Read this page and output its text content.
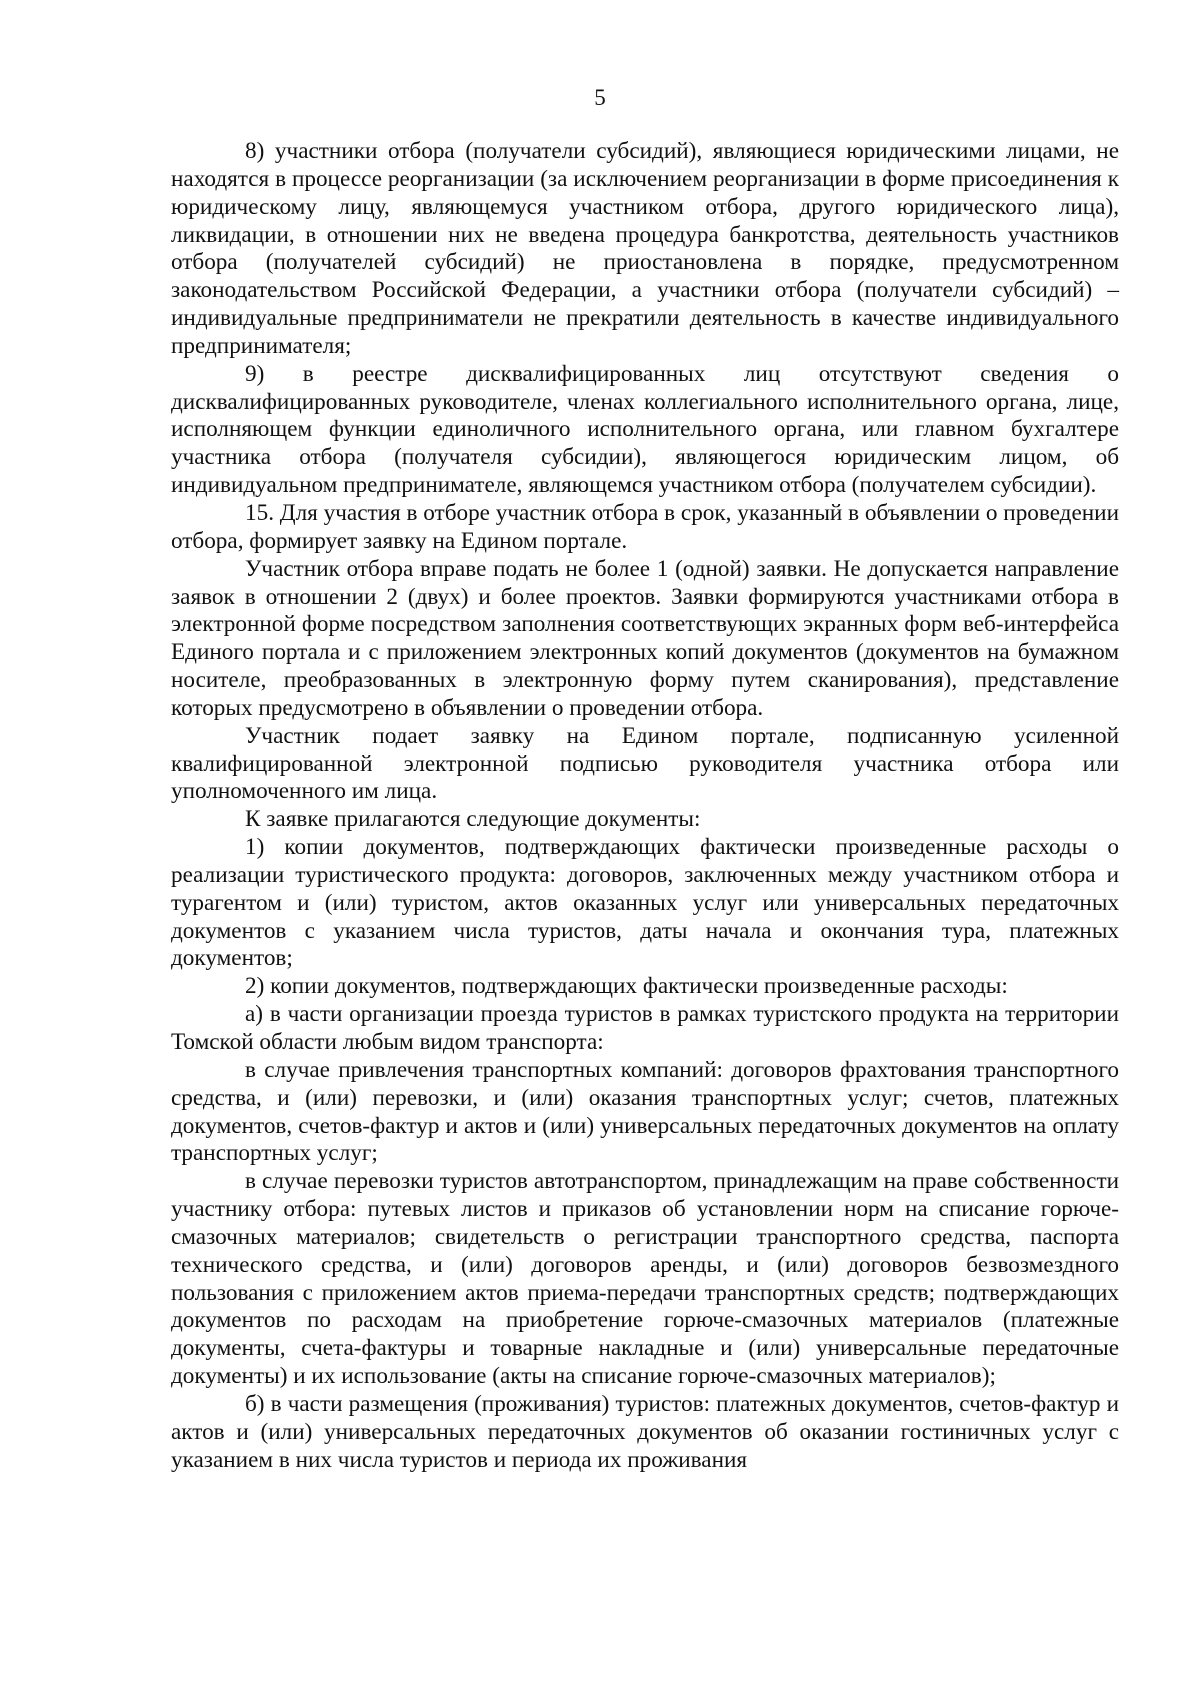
5

8) участники отбора (получатели субсидий), являющиеся юридическими лицами, не находятся в процессе реорганизации (за исключением реорганизации в форме присоединения к юридическому лицу, являющемуся участником отбора, другого юридического лица), ликвидации, в отношении них не введена процедура банкротства, деятельность участников отбора (получателей субсидий) не приостановлена в порядке, предусмотренном законодательством Российской Федерации, а участники отбора (получатели субсидий) – индивидуальные предприниматели не прекратили деятельность в качестве индивидуального предпринимателя;

9) в реестре дисквалифицированных лиц отсутствуют сведения о дисквалифицированных руководителе, членах коллегиального исполнительного органа, лице, исполняющем функции единоличного исполнительного органа, или главном бухгалтере участника отбора (получателя субсидии), являющегося юридическим лицом, об индивидуальном предпринимателе, являющемся участником отбора (получателем субсидии).

15. Для участия в отборе участник отбора в срок, указанный в объявлении о проведении отбора, формирует заявку на Едином портале.

Участник отбора вправе подать не более 1 (одной) заявки. Не допускается направление заявок в отношении 2 (двух) и более проектов. Заявки формируются участниками отбора в электронной форме посредством заполнения соответствующих экранных форм веб-интерфейса Единого портала и с приложением электронных копий документов (документов на бумажном носителе, преобразованных в электронную форму путем сканирования), представление которых предусмотрено в объявлении о проведении отбора.

Участник подает заявку на Едином портале, подписанную усиленной квалифицированной электронной подписью руководителя участника отбора или уполномоченного им лица.

К заявке прилагаются следующие документы:

1) копии документов, подтверждающих фактически произведенные расходы о реализации туристического продукта: договоров, заключенных между участником отбора и турагентом и (или) туристом, актов оказанных услуг или универсальных передаточных документов с указанием числа туристов, даты начала и окончания тура, платежных документов;

2) копии документов, подтверждающих фактически произведенные расходы:

а) в части организации проезда туристов в рамках туристского продукта на территории Томской области любым видом транспорта:

в случае привлечения транспортных компаний: договоров фрахтования транспортного средства, и (или) перевозки, и (или) оказания транспортных услуг; счетов, платежных документов, счетов-фактур и актов и (или) универсальных передаточных документов на оплату транспортных услуг;

в случае перевозки туристов автотранспортом, принадлежащим на праве собственности участнику отбора: путевых листов и приказов об установлении норм на списание горюче-смазочных материалов; свидетельств о регистрации транспортного средства, паспорта технического средства, и (или) договоров аренды, и (или) договоров безвозмездного пользования с приложением актов приема-передачи транспортных средств; подтверждающих документов по расходам на приобретение горюче-смазочных материалов (платежные документы, счета-фактуры и товарные накладные и (или) универсальные передаточные документы) и их использование (акты на списание горюче-смазочных материалов);

б) в части размещения (проживания) туристов: платежных документов, счетов-фактур и актов и (или) универсальных передаточных документов об оказании гостиничных услуг с указанием в них числа туристов и периода их проживания
